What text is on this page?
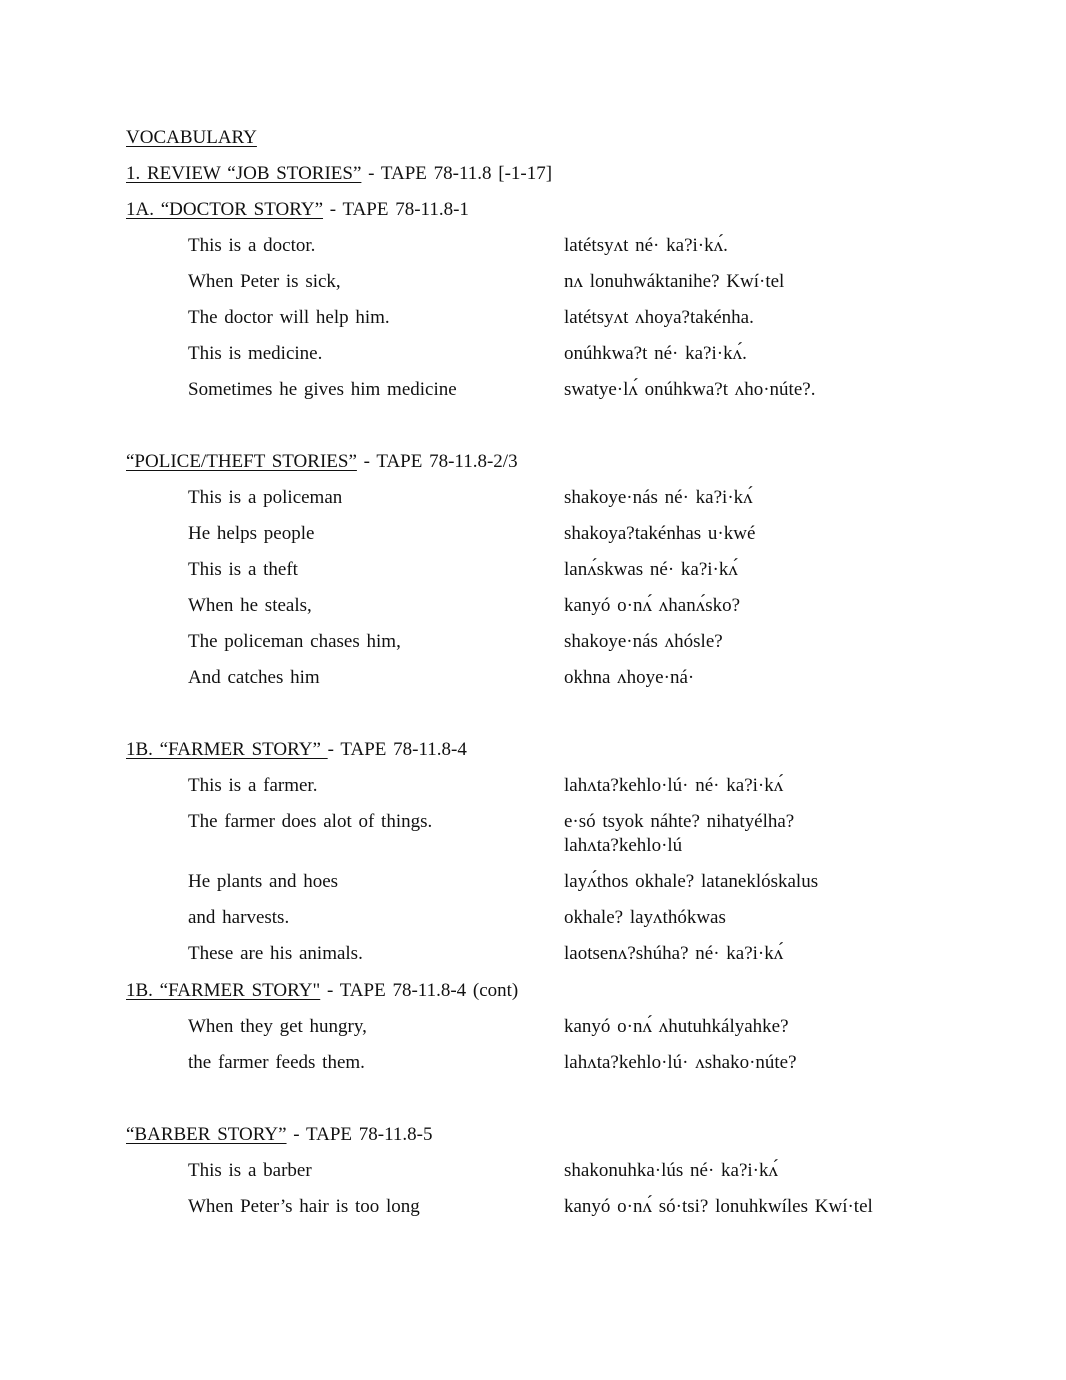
VOCABULARY
1. REVIEW “JOB STORIES” - TAPE 78-11.8 [-1-17]
1A. “DOCTOR STORY” - TAPE 78-11.8-1
This is a doctor.	latétsyʌt né· ka?i·kʌ́.
When Peter is sick,	nʌ lonuhwáktanihe? Kwí·tel
The doctor will help him.	latétsyʌt ʌhoya?takénha.
This is medicine.	onúhkwa?t né· ka?i·kʌ́.
Sometimes he gives him medicine	swatye·lʌ́ onúhkwa?t ʌho·núte?.
“POLICE/THEFT STORIES” - TAPE 78-11.8-2/3
This is a policeman	shakoye·nás né· ka?i·kʌ́
He helps people	shakoya?takénhas u·kwé
This is a theft	lanʌ́skwas né· ka?i·kʌ́
When he steals,	kanyó o·nʌ́ ʌhanʌ́sko?
The policeman chases him,	shakoye·nás ʌhósle?
And catches him	okhna ʌhoye·ná·
1B. “FARMER STORY” - TAPE 78-11.8-4
This is a farmer.	lahʌta?kehlo·lú· né· ka?i·kʌ́
The farmer does alot of things.	e·só tsyok náhte? nihatyélha?
lahʌta?kehlo·lú
He plants and hoes	layʌ́thos okhale? lataneklóskalus
and harvests.	okhale? layʌthókwas
These are his animals.	laotsenʌ?shúha? né· ka?i·kʌ́
1B. “FARMER STORY" - TAPE 78-11.8-4 (cont)
When they get hungry,	kanyó o·nʌ́ ʌhutuhkályahke?
the farmer feeds them.	lahʌta?kehlo·lú· ʌshako·núte?
“BARBER STORY” - TAPE 78-11.8-5
This is a barber	shakonuhka·lús né· ka?i·kʌ́
When Peter’s hair is too long	kanyó o·nʌ́ só·tsi? lonuhkwíles Kwí·tel
